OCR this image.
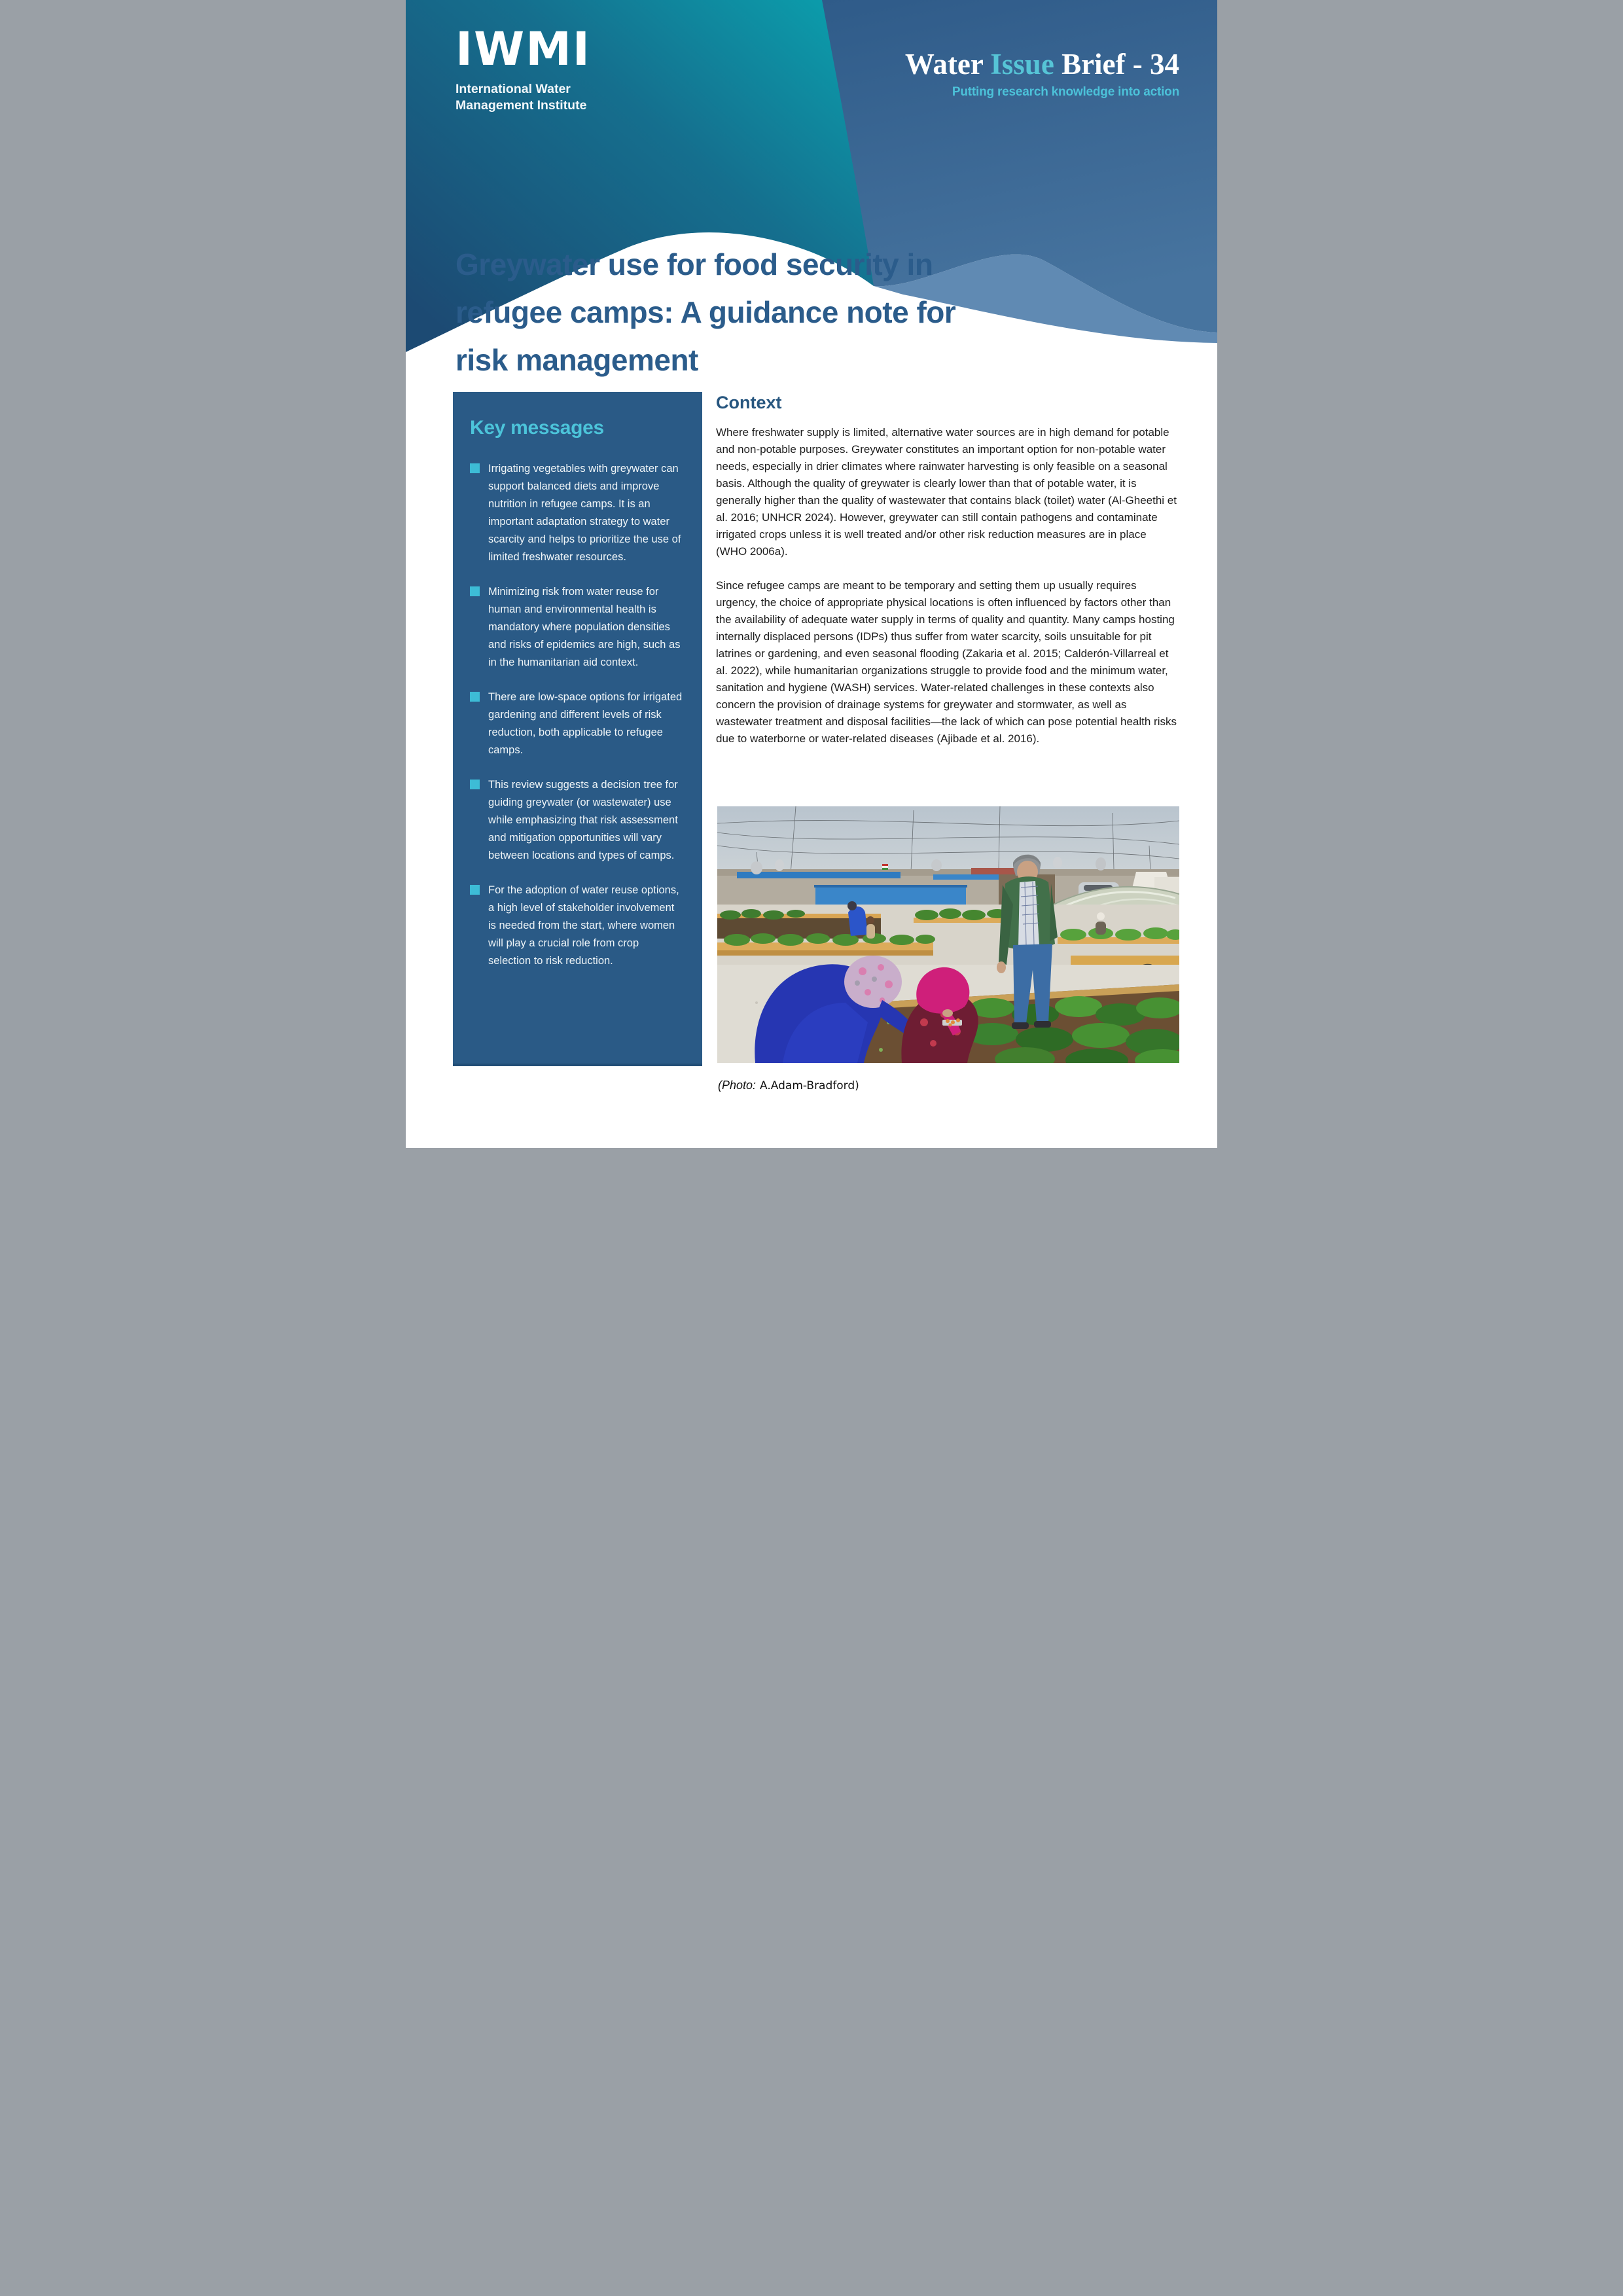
IWMI
International Water
Management Institute
Water Issue Brief - 34
Putting research knowledge into action
Greywater use for food security in
refugee camps: A guidance note for
risk management
Key messages
Irrigating vegetables with greywater can support balanced diets and improve nutrition in refugee camps. It is an important adaptation strategy to water scarcity and helps to prioritize the use of limited freshwater resources.
Minimizing risk from water reuse for human and environmental health is mandatory where population densities and risks of epidemics are high, such as in the humanitarian aid context.
There are low-space options for irrigated gardening and different levels of risk reduction, both applicable to refugee camps.
This review suggests a decision tree for guiding greywater (or wastewater) use while emphasizing that risk assessment and mitigation opportunities will vary between locations and types of camps.
For the adoption of water reuse options, a high level of stakeholder involvement is needed from the start, where women will play a crucial role from crop selection to risk reduction.
Context

Where freshwater supply is limited, alternative water sources are in high demand for potable and non-potable purposes. Greywater constitutes an important option for non-potable water needs, especially in drier climates where rainwater harvesting is only feasible on a seasonal basis. Although the quality of greywater is clearly lower than that of potable water, it is generally higher than the quality of wastewater that contains black (toilet) water (Al-Gheethi et al. 2016; UNHCR 2024). However, greywater can still contain pathogens and contaminate irrigated crops unless it is well treated and/or other risk reduction measures are in place (WHO 2006a).

Since refugee camps are meant to be temporary and setting them up usually requires urgency, the choice of appropriate physical locations is often influenced by factors other than the availability of adequate water supply in terms of quality and quantity. Many camps hosting internally displaced persons (IDPs) thus suffer from water scarcity, soils unsuitable for pit latrines or gardening, and even seasonal flooding (Zakaria et al. 2015; Calderón-Villarreal et al. 2022), while humanitarian organizations struggle to provide food and the minimum water, sanitation and hygiene (WASH) services. Water-related challenges in these contexts also concern the provision of drainage systems for greywater and stormwater, as well as wastewater treatment and disposal facilities—the lack of which can pose potential health risks due to waterborne or water-related diseases (Ajibade et al. 2016).

(Photo: A.Adam-Bradford)
